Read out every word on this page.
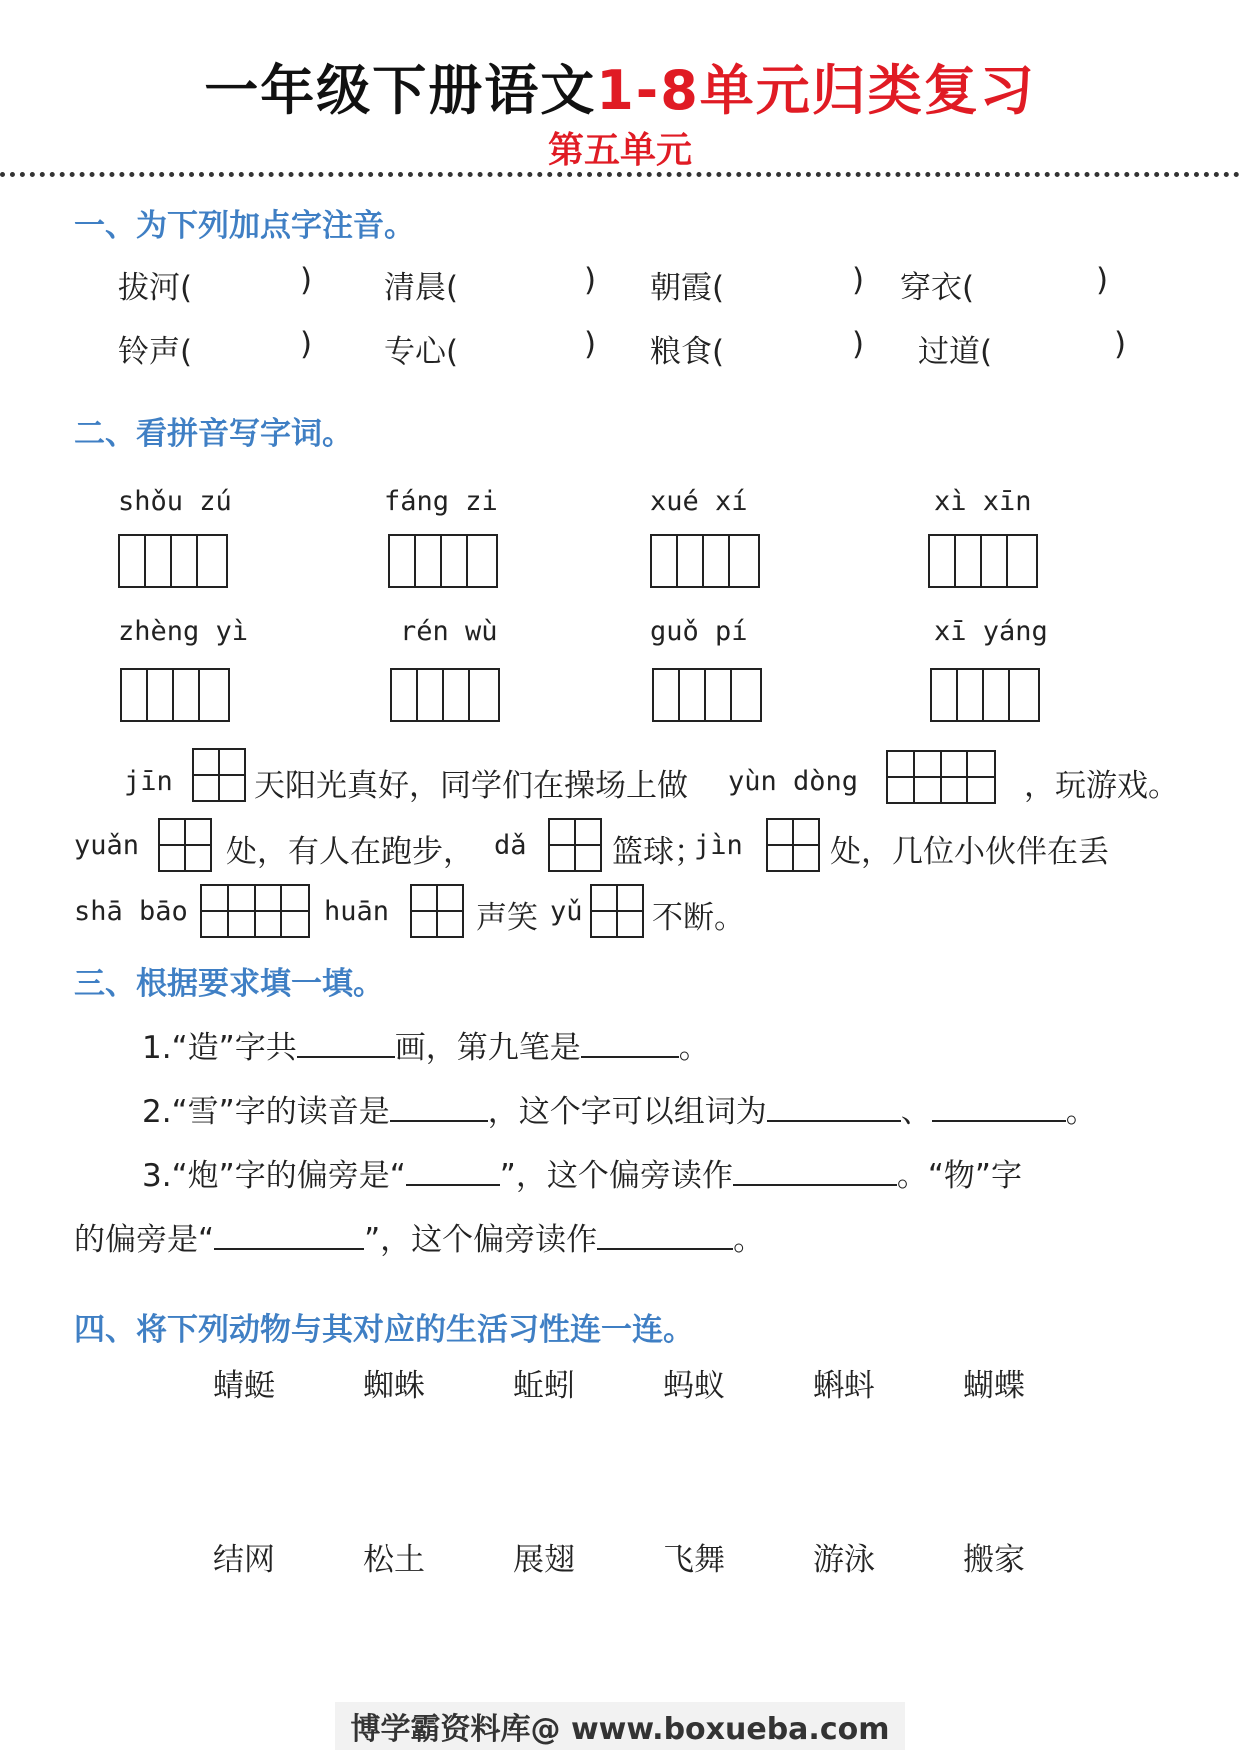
一年级下册语文1-8单元归类复习
第五单元
一、为下列加点字注音。
拔河(	) 清晨(	) 朝霞(	) 穿衣(	)
铃声(	) 专心(	) 粮食(	) 过道(	)
二、看拼音写字词。
shǒu zú	fáng zi	xué xí	xì xīn
zhèng yì	rén wù	guǒ pí	xī yáng
jīn	天阳光真好，同学们在操场上做 yùn dòng	，玩游戏。
yuǎn	处，有人在跑步， dǎ	篮球；
jìn	处，几位小伙伴在丢
shā bāo	huān	声笑 yǔ 不断。
三、根据要求填一填。
1.“造”字共	画，第九笔是	。
2.“雪”字的读音是	，这个字可以组词为	、	。
3.“炮”字的偏旁是“	”，这个偏旁读作	。“物”字
的偏旁是“	”，这个偏旁读作	。
四、将下列动物与其对应的生活习性连一连。
蜻蜓	蜘蛛	蚯蚓	蚂蚁	蝌蚪	蝴蝶
结网	松土	展翅	飞舞	游泳	搬家
博学霸资料库@ www.boxueba.com
